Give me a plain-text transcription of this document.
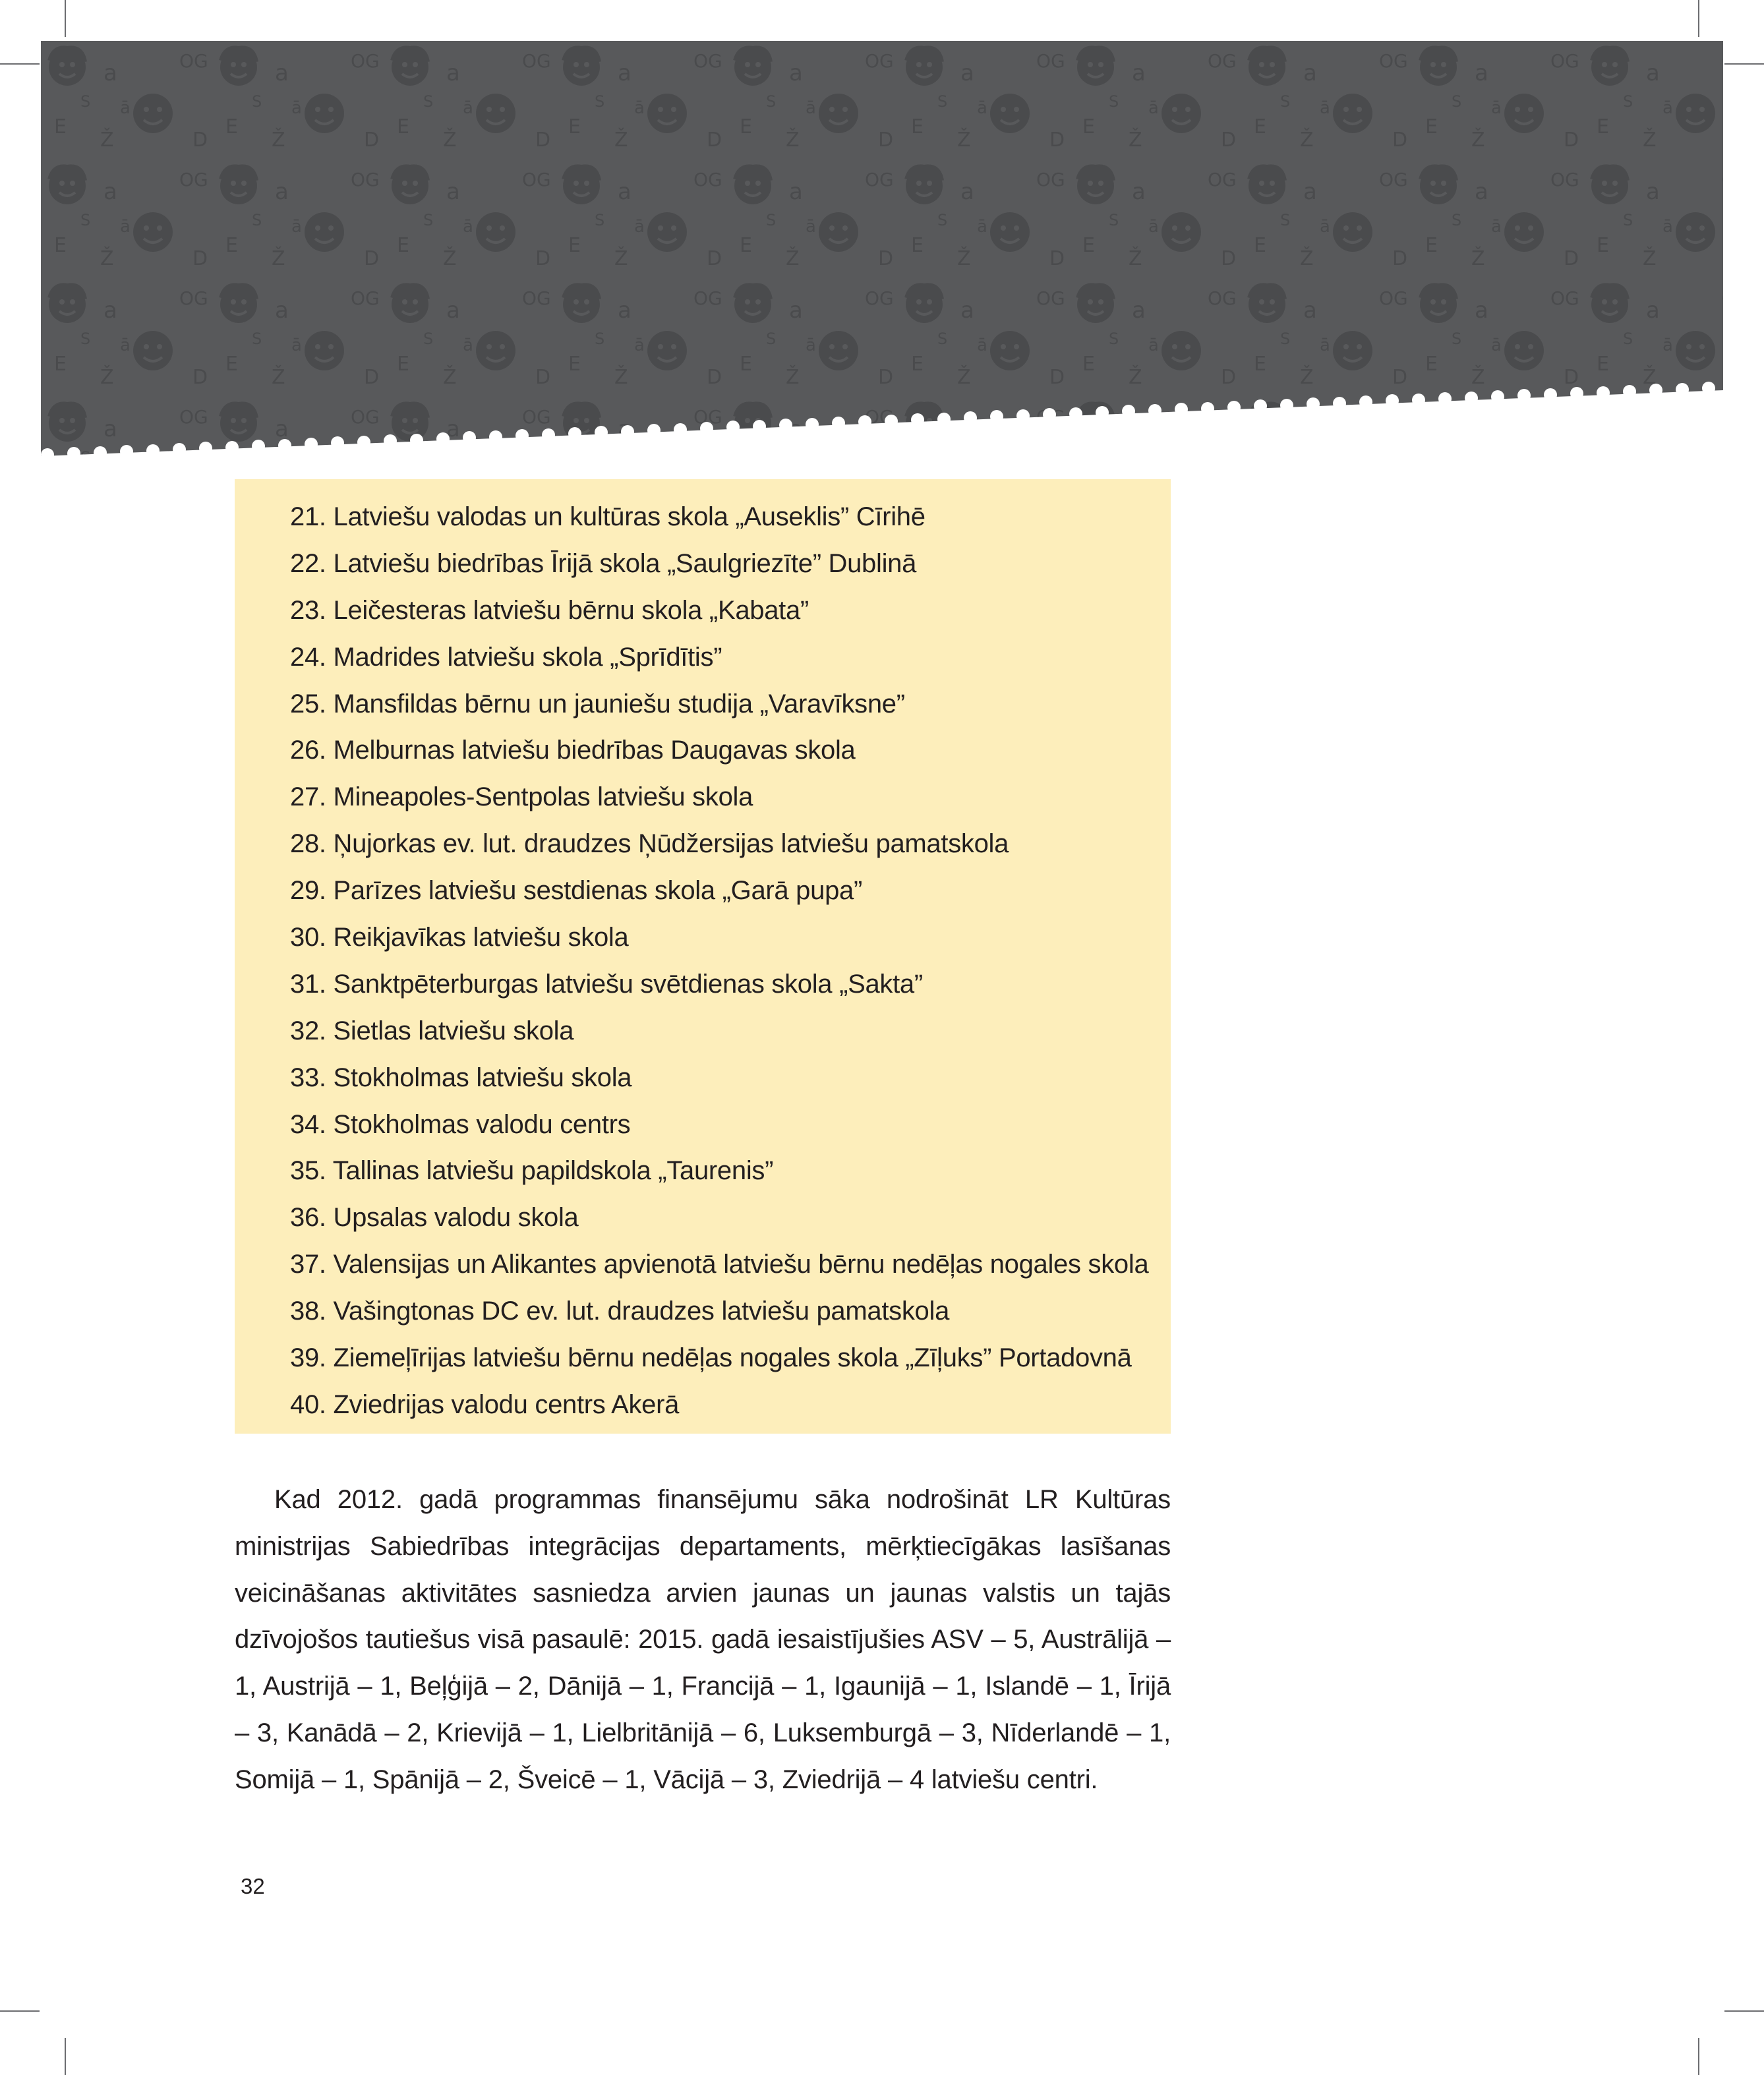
21. Latviešu valodas un kultūras skola „Auseklis” Cīrihē
22. Latviešu biedrības Īrijā skola „Saulgriezīte” Dublinā
23. Leičesteras latviešu bērnu skola „Kabata”
24. Madrides latviešu skola „Sprīdītis”
25. Mansfildas bērnu un jauniešu studija „Varavīksne”
26. Melburnas latviešu biedrības Daugavas skola
27. Mineapoles-Sentpolas latviešu skola
28. Ņujorkas ev. lut. draudzes Ņūdžersijas latviešu pamatskola
29. Parīzes latviešu sestdienas skola „Garā pupa”
30. Reikjavīkas latviešu skola
31. Sanktpēterburgas latviešu svētdienas skola „Sakta”
32. Sietlas latviešu skola
33. Stokholmas latviešu skola
34. Stokholmas valodu centrs
35. Tallinas latviešu papildskola „Taurenis”
36. Upsalas valodu skola
37. Valensijas un Alikantes apvienotā latviešu bērnu nedēļas nogales skola
38. Vašingtonas DC ev. lut. draudzes latviešu pamatskola
39. Ziemeļīrijas latviešu bērnu nedēļas nogales skola „Zīļuks” Portadovnā
40. Zviedrijas valodu centrs Akerā

Kad 2012. gadā programmas finansējumu sāka nodrošināt LR Kultūras ministrijas Sabiedrības integrācijas departaments, mērķtiecīgākas lasīšanas veicināšanas aktivitātes sasniedza arvien jaunas un jaunas valstis un tajās dzīvojošos tautiešus visā pasaulē: 2015. gadā iesaistījušies ASV – 5, Austrālijā – 1, Austrijā – 1, Beļģijā – 2, Dānijā – 1, Francijā – 1, Igaunijā – 1, Islandē – 1, Īrijā – 3, Kanādā – 2, Krievijā – 1, Lielbritānijā – 6, Luksemburgā – 3, Nīderlandē – 1, Somijā – 1, Spānijā – 2, Šveicē – 1, Vācijā – 3, Zviedrijā – 4 latviešu centri.

32
